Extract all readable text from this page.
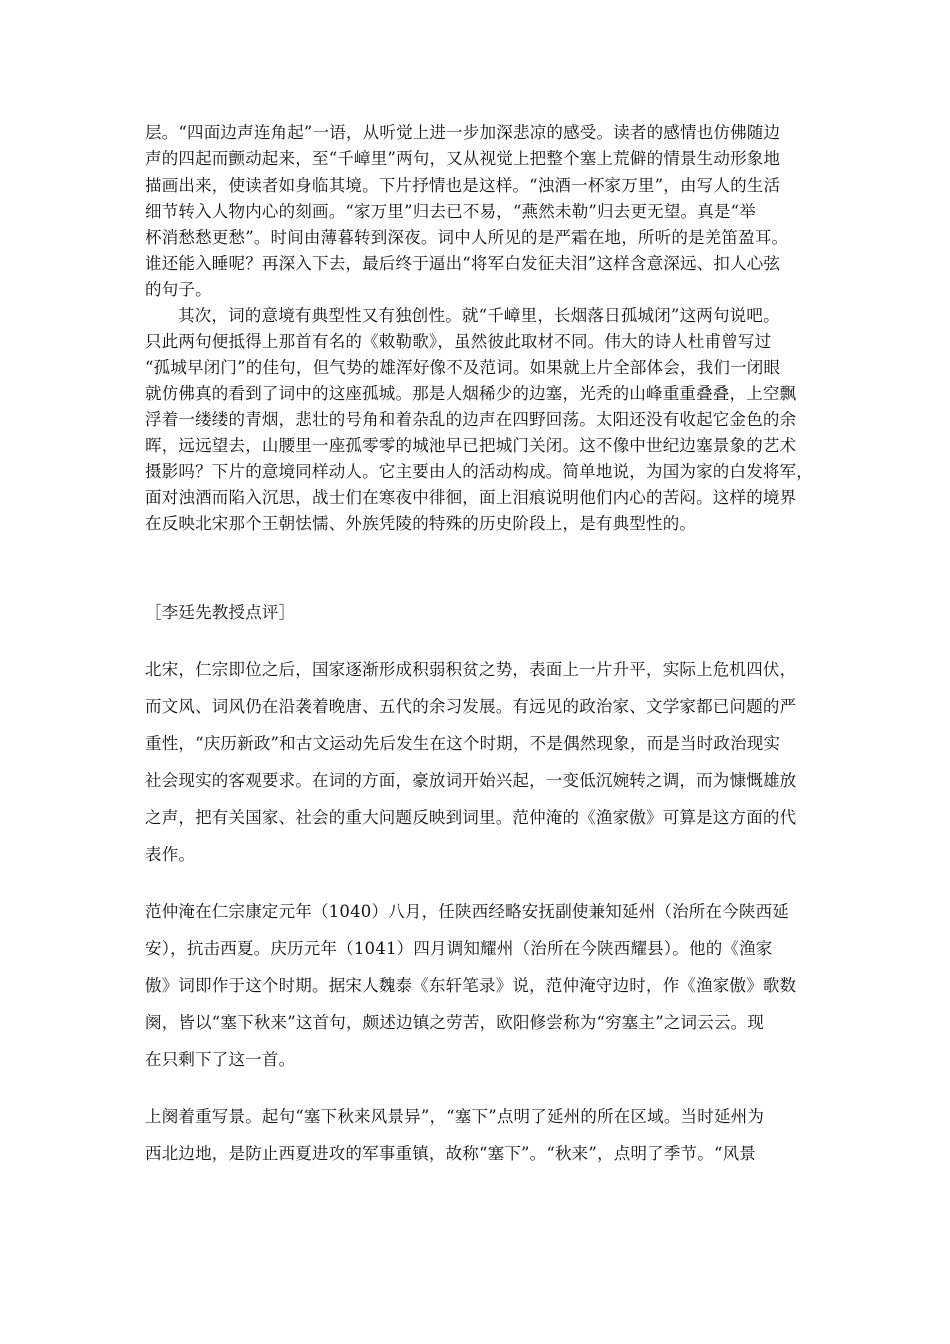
层。“四面边声连角起”一语，从听觉上进一步加深悲凉的感受。读者的感情也仿佛随边
声的四起而颤动起来，至“千嶂里”两句，又从视觉上把整个塞上荒僻的情景生动形象地
描画出来，使读者如身临其境。下片抒情也是这样。“浊酒一杯家万里”，由写人的生活
细节转入人物内心的刻画。“家万里”归去已不易，“燕然未勒”归去更无望。真是“举
杯消愁愁更愁”。时间由薄暮转到深夜。词中人所见的是严霜在地，所听的是羌笛盈耳。
谁还能入睡呢？再深入下去，最后终于逼出“将军白发征夫泪”这样含意深远、扣人心弦
的句子。
其次，词的意境有典型性又有独创性。就“千嶂里，长烟落日孤城闭”这两句说吧。
只此两句便抵得上那首有名的《敕勒歌》，虽然彼此取材不同。伟大的诗人杜甫曾写过
“孤城早闭门”的佳句，但气势的雄浑好像不及范词。如果就上片全部体会，我们一闭眼
就仿佛真的看到了词中的这座孤城。那是人烟稀少的边塞，光秃的山峰重重叠叠，上空飘
浮着一缕缕的青烟，悲壮的号角和着杂乱的边声在四野回荡。太阳还没有收起它金色的余
晖，远远望去，山腰里一座孤零零的城池早已把城门关闭。这不像中世纪边塞景象的艺术
摄影吗？下片的意境同样动人。它主要由人的活动构成。简单地说，为国为家的白发将军，
面对浊酒而陷入沉思，战士们在寒夜中徘徊，面上泪痕说明他们内心的苦闷。这样的境界
在反映北宋那个王朝怯懦、外族凭陵的特殊的历史阶段上，是有典型性的。
［李廷先教授点评］
北宋，仁宗即位之后，国家逐渐形成积弱积贫之势，表面上一片升平，实际上危机四伏，
而文风、词风仍在沿袭着晚唐、五代的余习发展。有远见的政治家、文学家都已问题的严
重性，“庆历新政”和古文运动先后发生在这个时期，不是偶然现象，而是当时政治现实
社会现实的客观要求。在词的方面，豪放词开始兴起，一变低沉婉转之调，而为慷慨雄放
之声，把有关国家、社会的重大问题反映到词里。范仲淹的《渔家傲》可算是这方面的代
表作。
范仲淹在仁宗康定元年（1040）八月，任陕西经略安抚副使兼知延州（治所在今陕西延
安），抗击西夏。庆历元年（1041）四月调知耀州（治所在今陕西耀县）。他的《渔家
傲》词即作于这个时期。据宋人魏泰《东轩笔录》说，范仲淹守边时，作《渔家傲》歌数
阕，皆以“塞下秋来”这首句，颇述边镇之劳苦，欧阳修尝称为“穷塞主”之词云云。现
在只剩下了这一首。
上阕着重写景。起句“塞下秋来风景异”，“塞下”点明了延州的所在区域。当时延州为
西北边地，是防止西夏进攻的军事重镇，故称“塞下”。“秋来”，点明了季节。“风景
